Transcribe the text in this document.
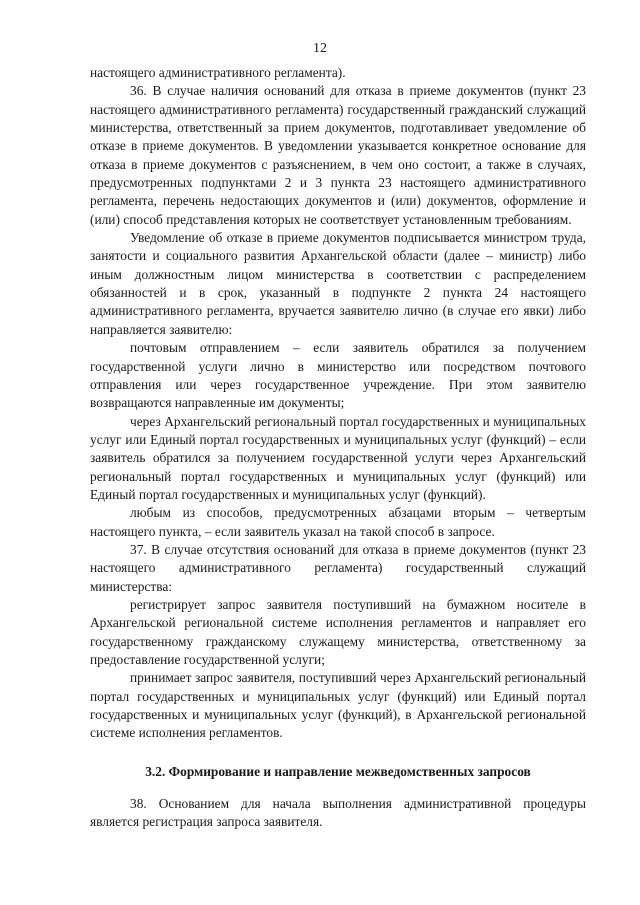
12

настоящего административного регламента).

36. В случае наличия оснований для отказа в приеме документов (пункт 23 настоящего административного регламента) государственный гражданский служащий министерства, ответственный за прием документов, подготавливает уведомление об отказе в приеме документов. В уведомлении указывается конкретное основание для отказа в приеме документов с разъяснением, в чем оно состоит, а также в случаях, предусмотренных подпунктами 2 и 3 пункта 23 настоящего административного регламента, перечень недостающих документов и (или) документов, оформление и (или) способ представления которых не соответствует установленным требованиям.

Уведомление об отказе в приеме документов подписывается министром труда, занятости и социального развития Архангельской области (далее – министр) либо иным должностным лицом министерства в соответствии с распределением обязанностей и в срок, указанный в подпункте 2 пункта 24 настоящего административного регламента, вручается заявителю лично (в случае его явки) либо направляется заявителю:

почтовым отправлением – если заявитель обратился за получением государственной услуги лично в министерство или посредством почтового отправления или через государственное учреждение. При этом заявителю возвращаются направленные им документы;

через Архангельский региональный портал государственных и муниципальных услуг или Единый портал государственных и муниципальных услуг (функций) – если заявитель обратился за получением государственной услуги через Архангельский региональный портал государственных и муниципальных услуг (функций) или Единый портал государственных и муниципальных услуг (функций).

любым из способов, предусмотренных абзацами вторым – четвертым настоящего пункта, – если заявитель указал на такой способ в запросе.

37. В случае отсутствия оснований для отказа в приеме документов (пункт 23 настоящего административного регламента) государственный служащий министерства:

регистрирует запрос заявителя поступивший на бумажном носителе в Архангельской региональной системе исполнения регламентов и направляет его государственному гражданскому служащему министерства, ответственному за предоставление государственной услуги;

принимает запрос заявителя, поступивший через Архангельский региональный портал государственных и муниципальных услуг (функций) или Единый портал государственных и муниципальных услуг (функций), в Архангельской региональной системе исполнения регламентов.

3.2. Формирование и направление межведомственных запросов

38. Основанием для начала выполнения административной процедуры является регистрация запроса заявителя.
